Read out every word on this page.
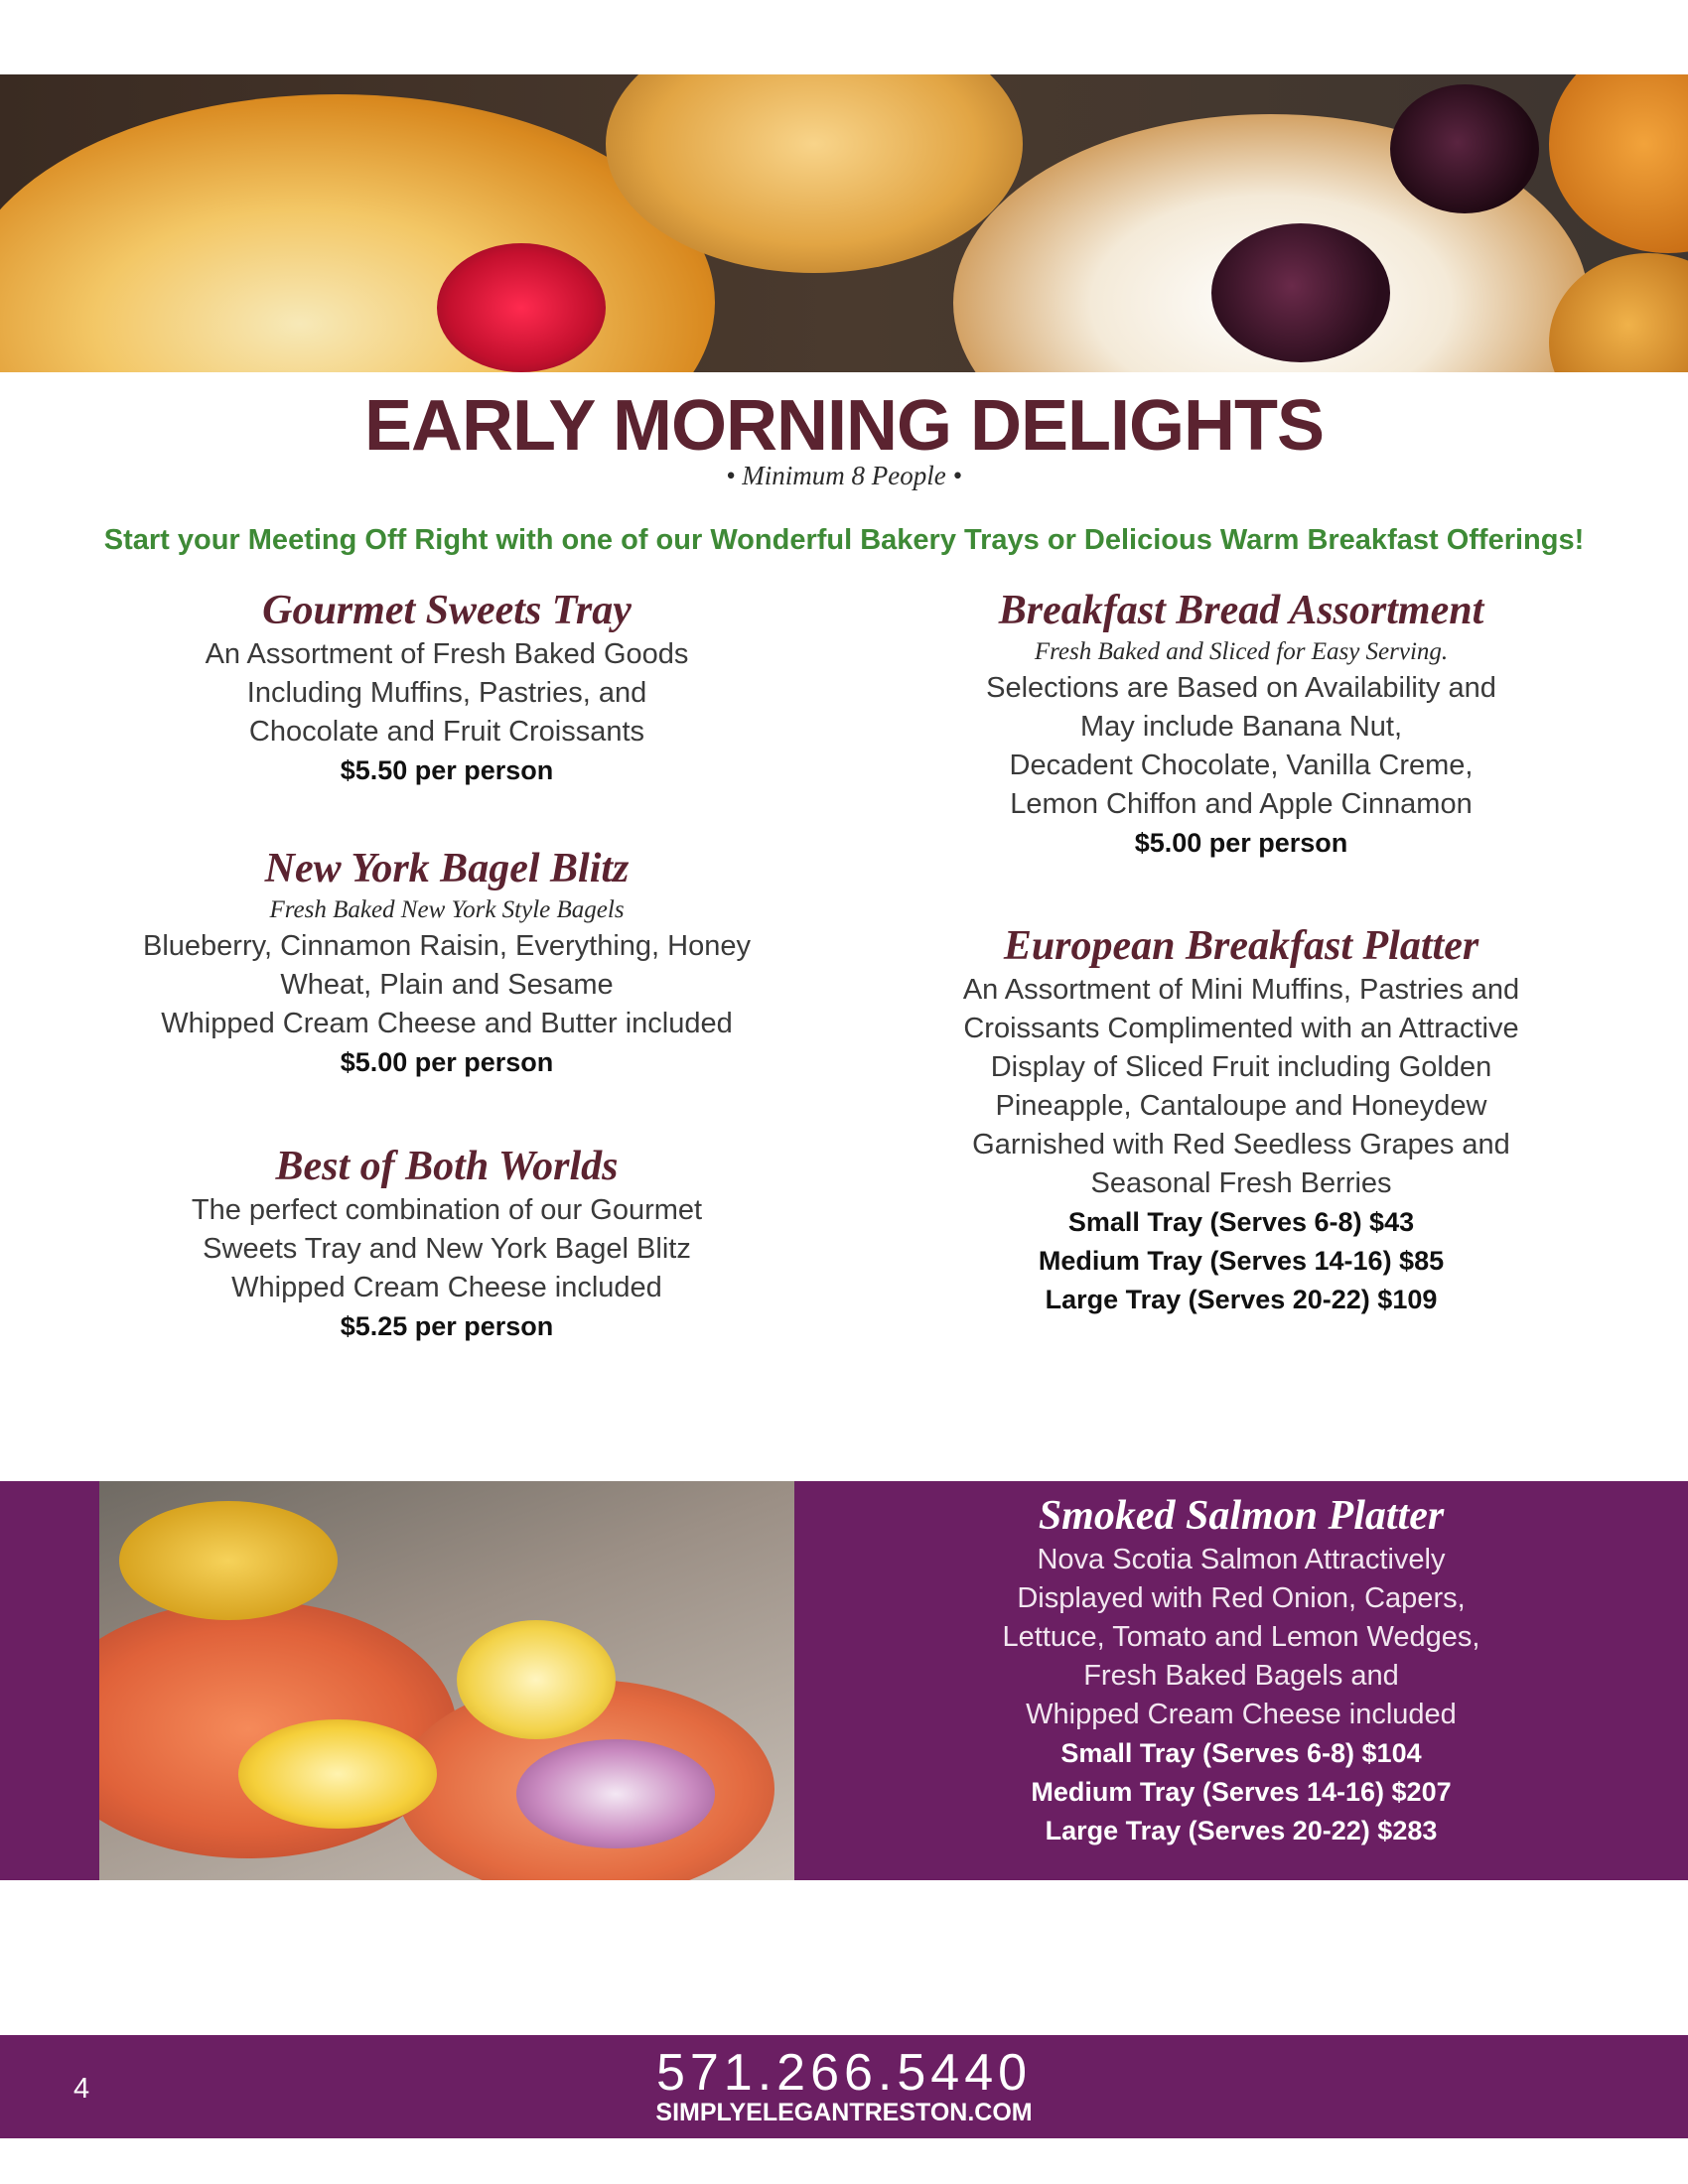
EARLY MORNING DELIGHTS
• Minimum 8 People •
Start your Meeting Off Right with one of our Wonderful Bakery Trays or Delicious Warm Breakfast Offerings!
Gourmet Sweets Tray
An Assortment of Fresh Baked Goods
Including Muffins, Pastries, and
Chocolate and Fruit Croissants
$5.50 per person
New York Bagel Blitz
Fresh Baked New York Style Bagels
Blueberry, Cinnamon Raisin, Everything, Honey
Wheat, Plain and Sesame
Whipped Cream Cheese and Butter included
$5.00 per person
Best of Both Worlds
The perfect combination of our Gourmet
Sweets Tray and New York Bagel Blitz
Whipped Cream Cheese included
$5.25 per person
Breakfast Bread Assortment
Fresh Baked and Sliced for Easy Serving.
Selections are Based on Availability and
May include Banana Nut,
Decadent Chocolate, Vanilla Creme,
Lemon Chiffon and Apple Cinnamon
$5.00 per person
European Breakfast Platter
An Assortment of Mini Muffins, Pastries and
Croissants Complimented with an Attractive
Display of Sliced Fruit including Golden
Pineapple, Cantaloupe and Honeydew
Garnished with Red Seedless Grapes and
Seasonal Fresh Berries
Small Tray (Serves 6-8) $43
Medium Tray (Serves 14-16) $85
Large Tray (Serves 20-22) $109
Smoked Salmon Platter
Nova Scotia Salmon Attractively
Displayed with Red Onion, Capers,
Lettuce, Tomato and Lemon Wedges,
Fresh Baked Bagels and
Whipped Cream Cheese included
Small Tray (Serves 6-8) $104
Medium Tray (Serves 14-16) $207
Large Tray (Serves 20-22) $283
4	571.266.5440
SIMPLYELEGANTRESTON.COM
